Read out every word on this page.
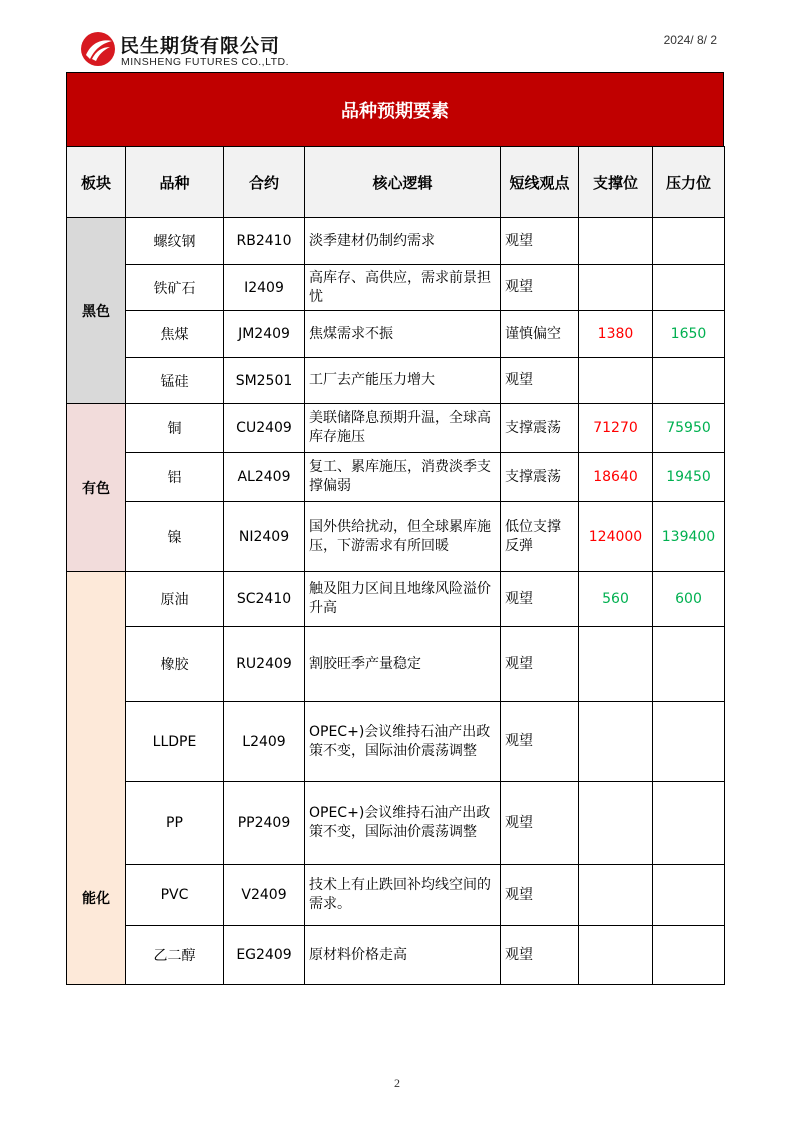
民生期货有限公司
MINSHENG FUTURES CO.,LTD.
2024/ 8/ 2
品种预期要素
板块	品种	合约	核心逻辑	短线观点	支撑位	压力位
黑色	螺纹钢	RB2410	淡季建材仍制约需求	观望		
	铁矿石	I2409	高库存、高供应，需求前景担忧	观望		
	焦煤	JM2409	焦煤需求不振	谨慎偏空	1380	1650
	锰硅	SM2501	工厂去产能压力增大	观望		
有色	铜	CU2409	美联储降息预期升温，全球高库存施压	支撑震荡	71270	75950
	铝	AL2409	复工、累库施压，消费淡季支撑偏弱	支撑震荡	18640	19450
	镍	NI2409	国外供给扰动，但全球累库施压，下游需求有所回暖	低位支撑反弹	124000	139400
能化	原油	SC2410	触及阻力区间且地缘风险溢价升高	观望	560	600
	橡胶	RU2409	割胶旺季产量稳定	观望		
	LLDPE	L2409	OPEC+)会议维持石油产出政策不变，国际油价震荡调整	观望		
	PP	PP2409	OPEC+)会议维持石油产出政策不变，国际油价震荡调整	观望		
	PVC	V2409	技术上有止跌回补均线空间的需求。	观望		
	乙二醇	EG2409	原材料价格走高	观望		
2
